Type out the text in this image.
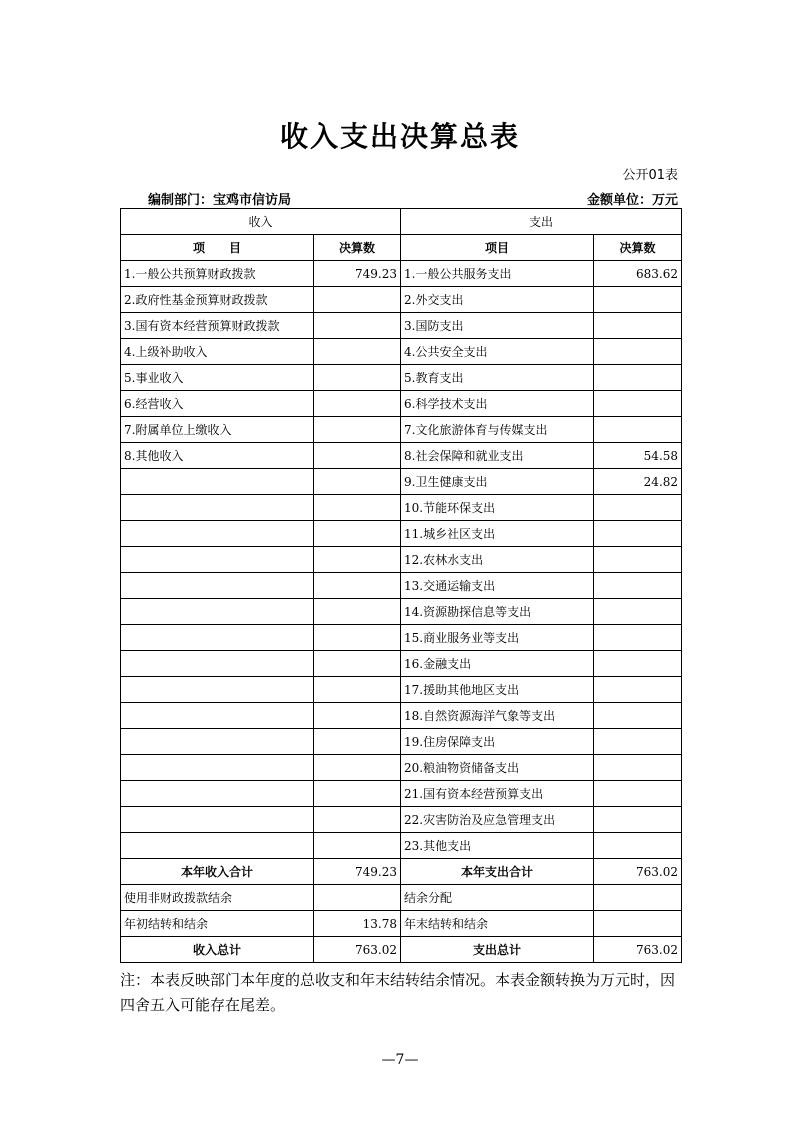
收入支出决算总表
公开01表
编制部门：宝鸡市信访局	金额单位：万元
收入		支出	
项　　目	决算数	项目	决算数
1.一般公共预算财政拨款	749.23	1.一般公共服务支出	683.62
2.政府性基金预算财政拨款		2.外交支出	
3.国有资本经营预算财政拨款		3.国防支出	
4.上级补助收入		4.公共安全支出	
5.事业收入		5.教育支出	
6.经营收入		6.科学技术支出	
7.附属单位上缴收入		7.文化旅游体育与传媒支出	
8.其他收入		8.社会保障和就业支出	54.58
		9.卫生健康支出	24.82
		10.节能环保支出	
		11.城乡社区支出	
		12.农林水支出	
		13.交通运输支出	
		14.资源勘探信息等支出	
		15.商业服务业等支出	
		16.金融支出	
		17.援助其他地区支出	
		18.自然资源海洋气象等支出	
		19.住房保障支出	
		20.粮油物资储备支出	
		21.国有资本经营预算支出	
		22.灾害防治及应急管理支出	
		23.其他支出	
本年收入合计	749.23	本年支出合计	763.02
使用非财政拨款结余		结余分配	
年初结转和结余	13.78	年末结转和结余	
收入总计	763.02	支出总计	763.02
注：本表反映部门本年度的总收支和年末结转结余情况。本表金额转换为万元时，因四舍五入可能存在尾差。
—7—
